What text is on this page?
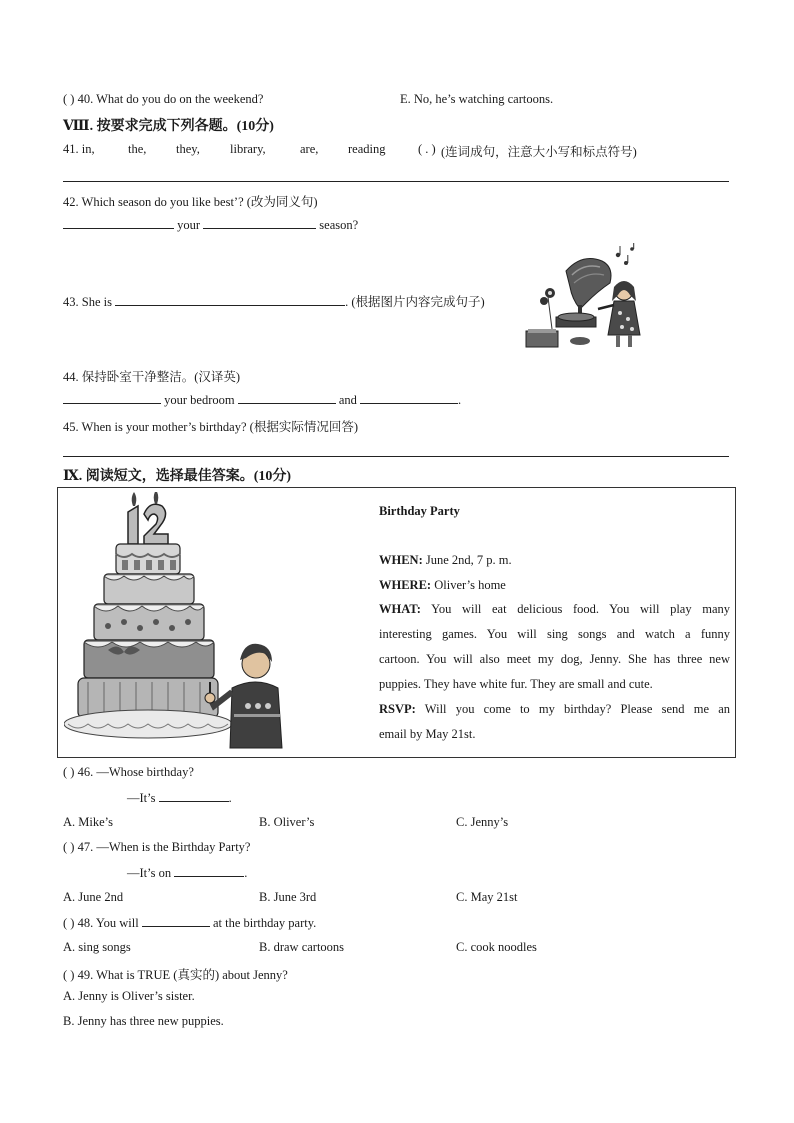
( ) 40. What do you do on the weekend?	E. No, he’s watching cartoons.
Ⅷ. 按要求完成下列各题。(10分)
41. in,	the, they, library,	are, reading	( . ) (连词成句，注意大小写和标点符号)
42. Which season do you like best’? (改为同义句)
your	season?
43. She is	. (根据图片内容完成句子)
44. 保持卧室干净整洁。(汉译英)
your bedroom	and	.
45. When is your mother’s birthday? (根据实际情况回答)
Ⅸ. 阅读短文，选择最佳答案。(10分)
Birthday Party
WHEN: June 2nd, 7 p. m.
WHERE: Oliver’s home
WHAT: You will eat delicious food. You will play many
interesting games. You will sing songs and watch a funny
cartoon. You will also meet my dog, Jenny. She has three new
puppies. They have white fur. They are small and cute.
RSVP: Will you come to my birthday? Please send me an
email by May 21st.
( ) 46. —Whose birthday?
—It’s	.
A. Mike’s	B. Oliver’s	C. Jenny’s
( ) 47. —When is the Birthday Party?
—It’s on	.
A. June 2nd	B. June 3rd	C. May 21st
( ) 48. You will	at the birthday party.
A. sing songs	B. draw cartoons	C. cook noodles
( ) 49. What is TRUE (真实的) about Jenny?
A. Jenny is Oliver’s sister.
B. Jenny has three new puppies.
